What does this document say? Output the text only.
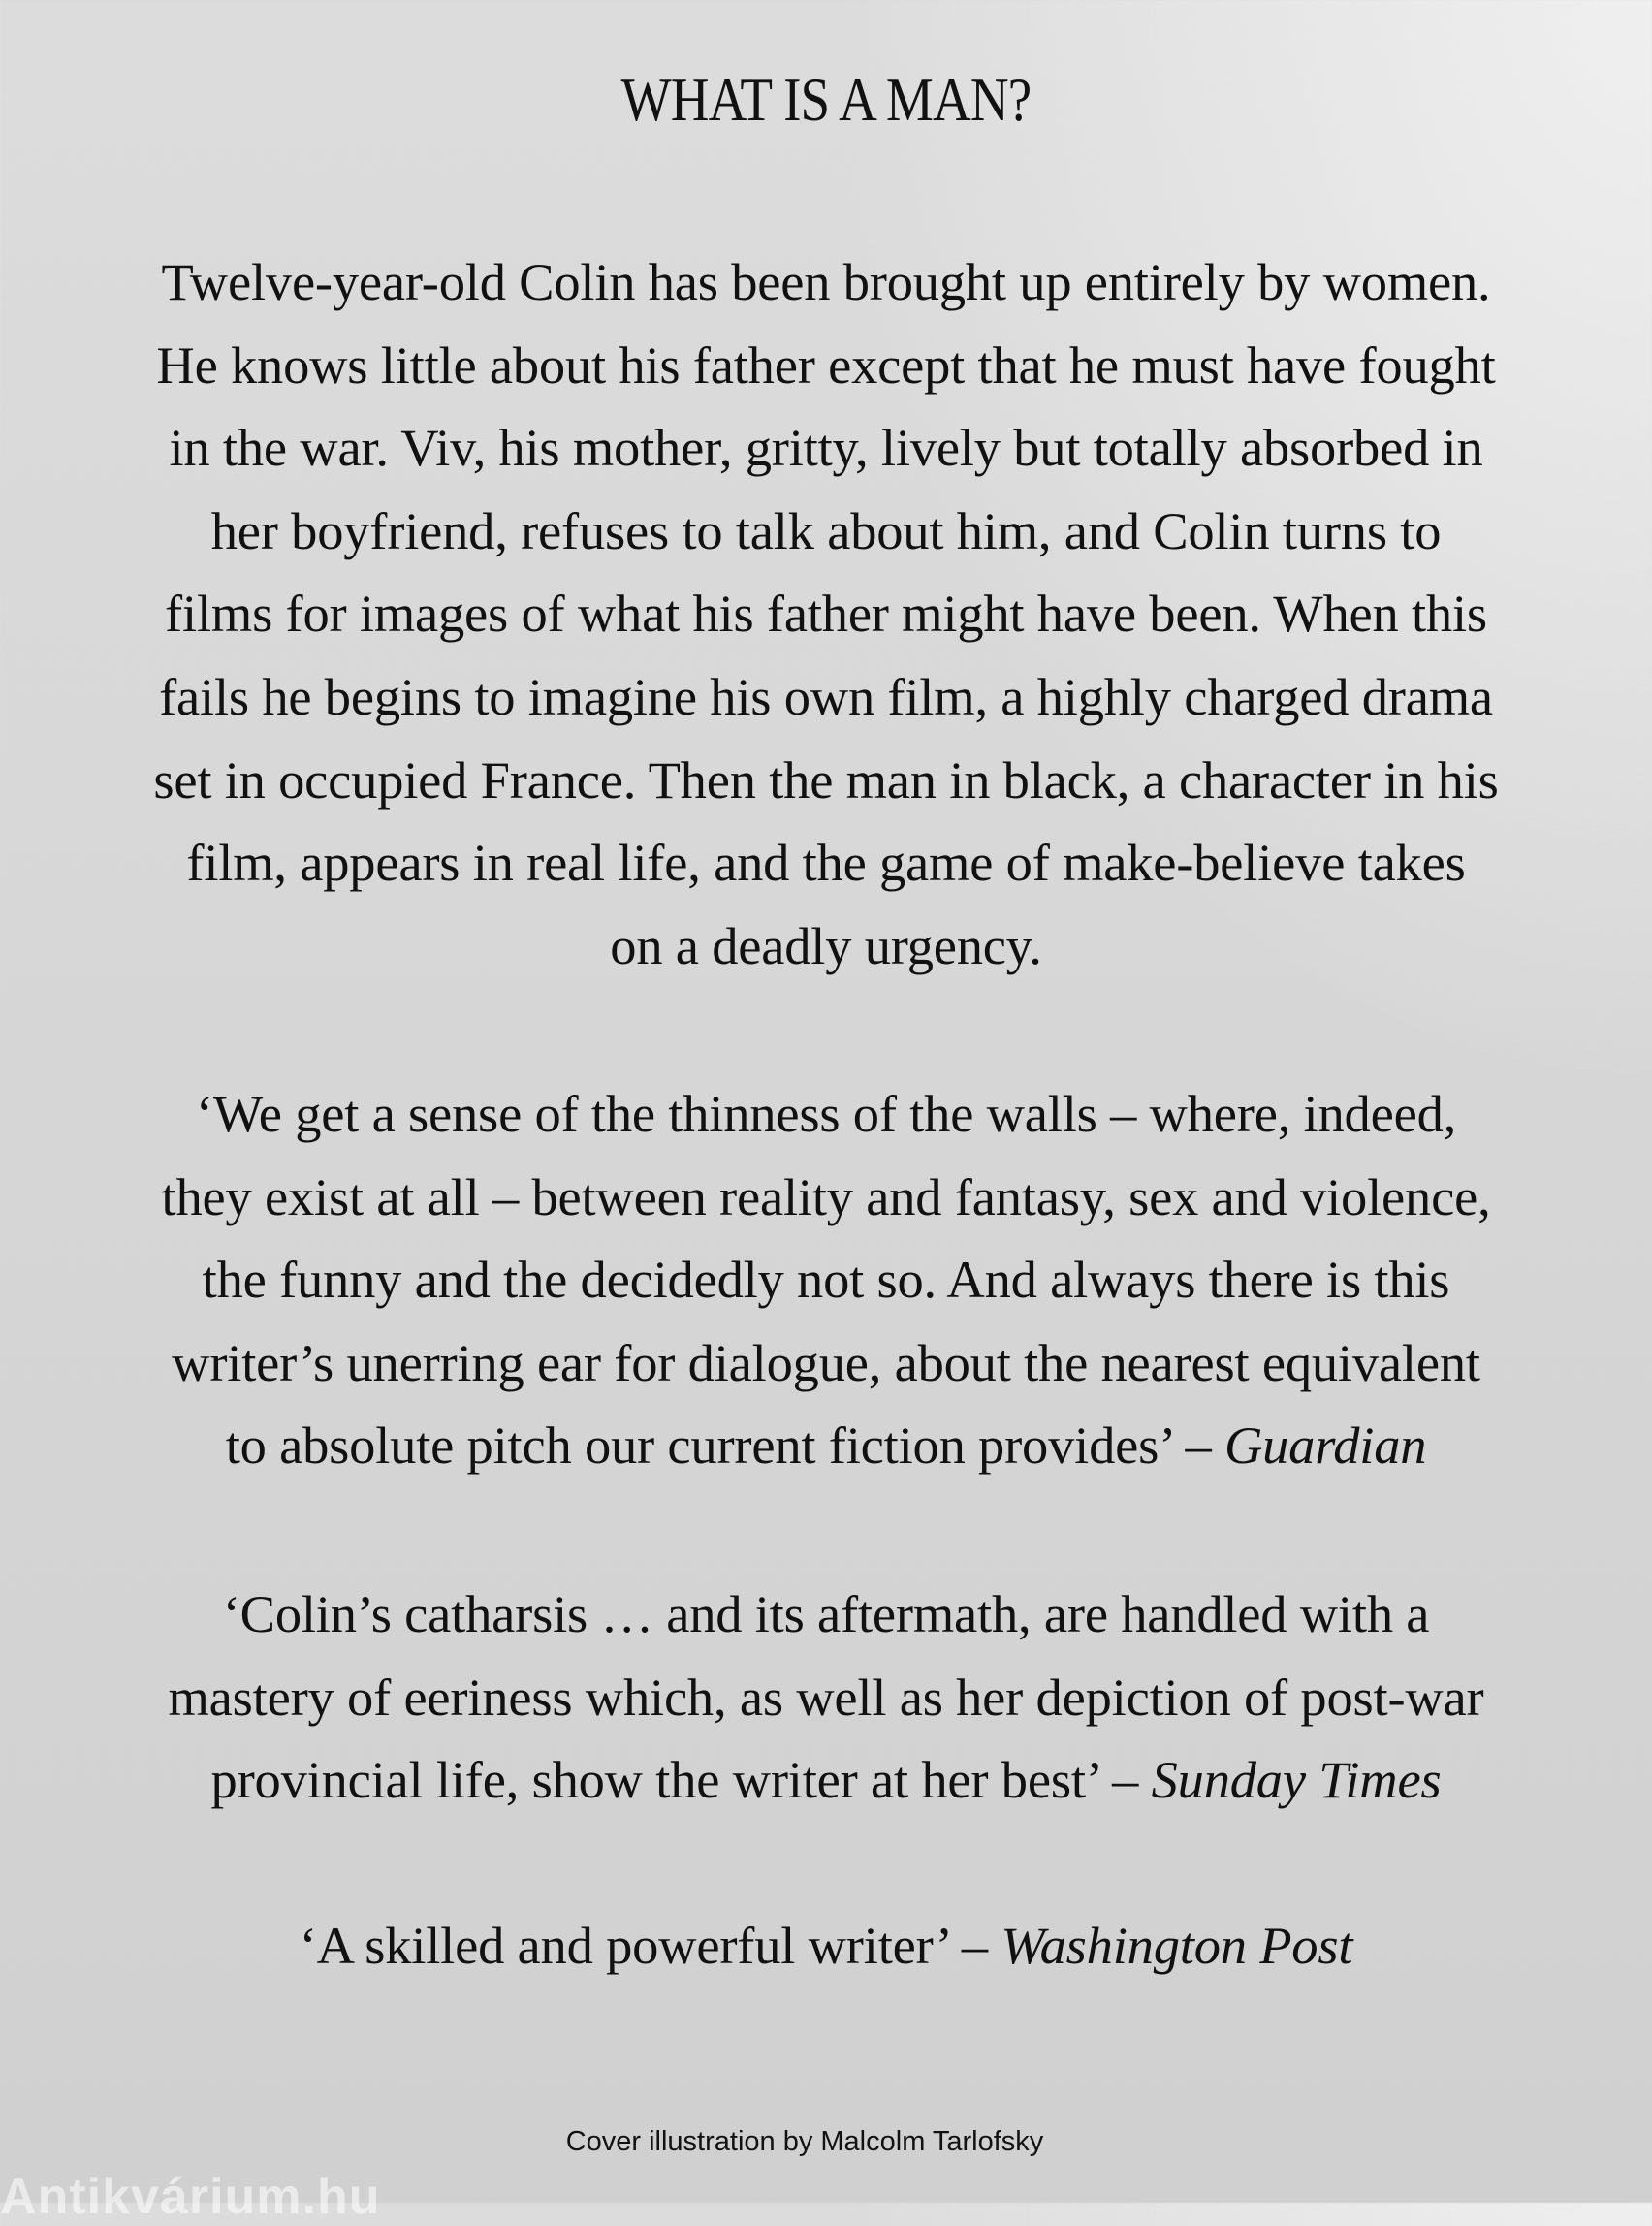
WHAT IS A MAN?
Twelve-year-old Colin has been brought up entirely by women.
He knows little about his father except that he must have fought
in the war. Viv, his mother, gritty, lively but totally absorbed in
her boyfriend, refuses to talk about him, and Colin turns to
films for images of what his father might have been. When this
fails he begins to imagine his own film, a highly charged drama
set in occupied France. Then the man in black, a character in his
film, appears in real life, and the game of make-believe takes
on a deadly urgency.
‘We get a sense of the thinness of the walls – where, indeed,
they exist at all – between reality and fantasy, sex and violence,
the funny and the decidedly not so. And always there is this
writer’s unerring ear for dialogue, about the nearest equivalent
to absolute pitch our current fiction provides’ – Guardian
‘Colin’s catharsis … and its aftermath, are handled with a
mastery of eeriness which, as well as her depiction of post-war
provincial life, show the writer at her best’ – Sunday Times
‘A skilled and powerful writer’ – Washington Post
Cover illustration by Malcolm Tarlofsky
Antikvárium.hu
